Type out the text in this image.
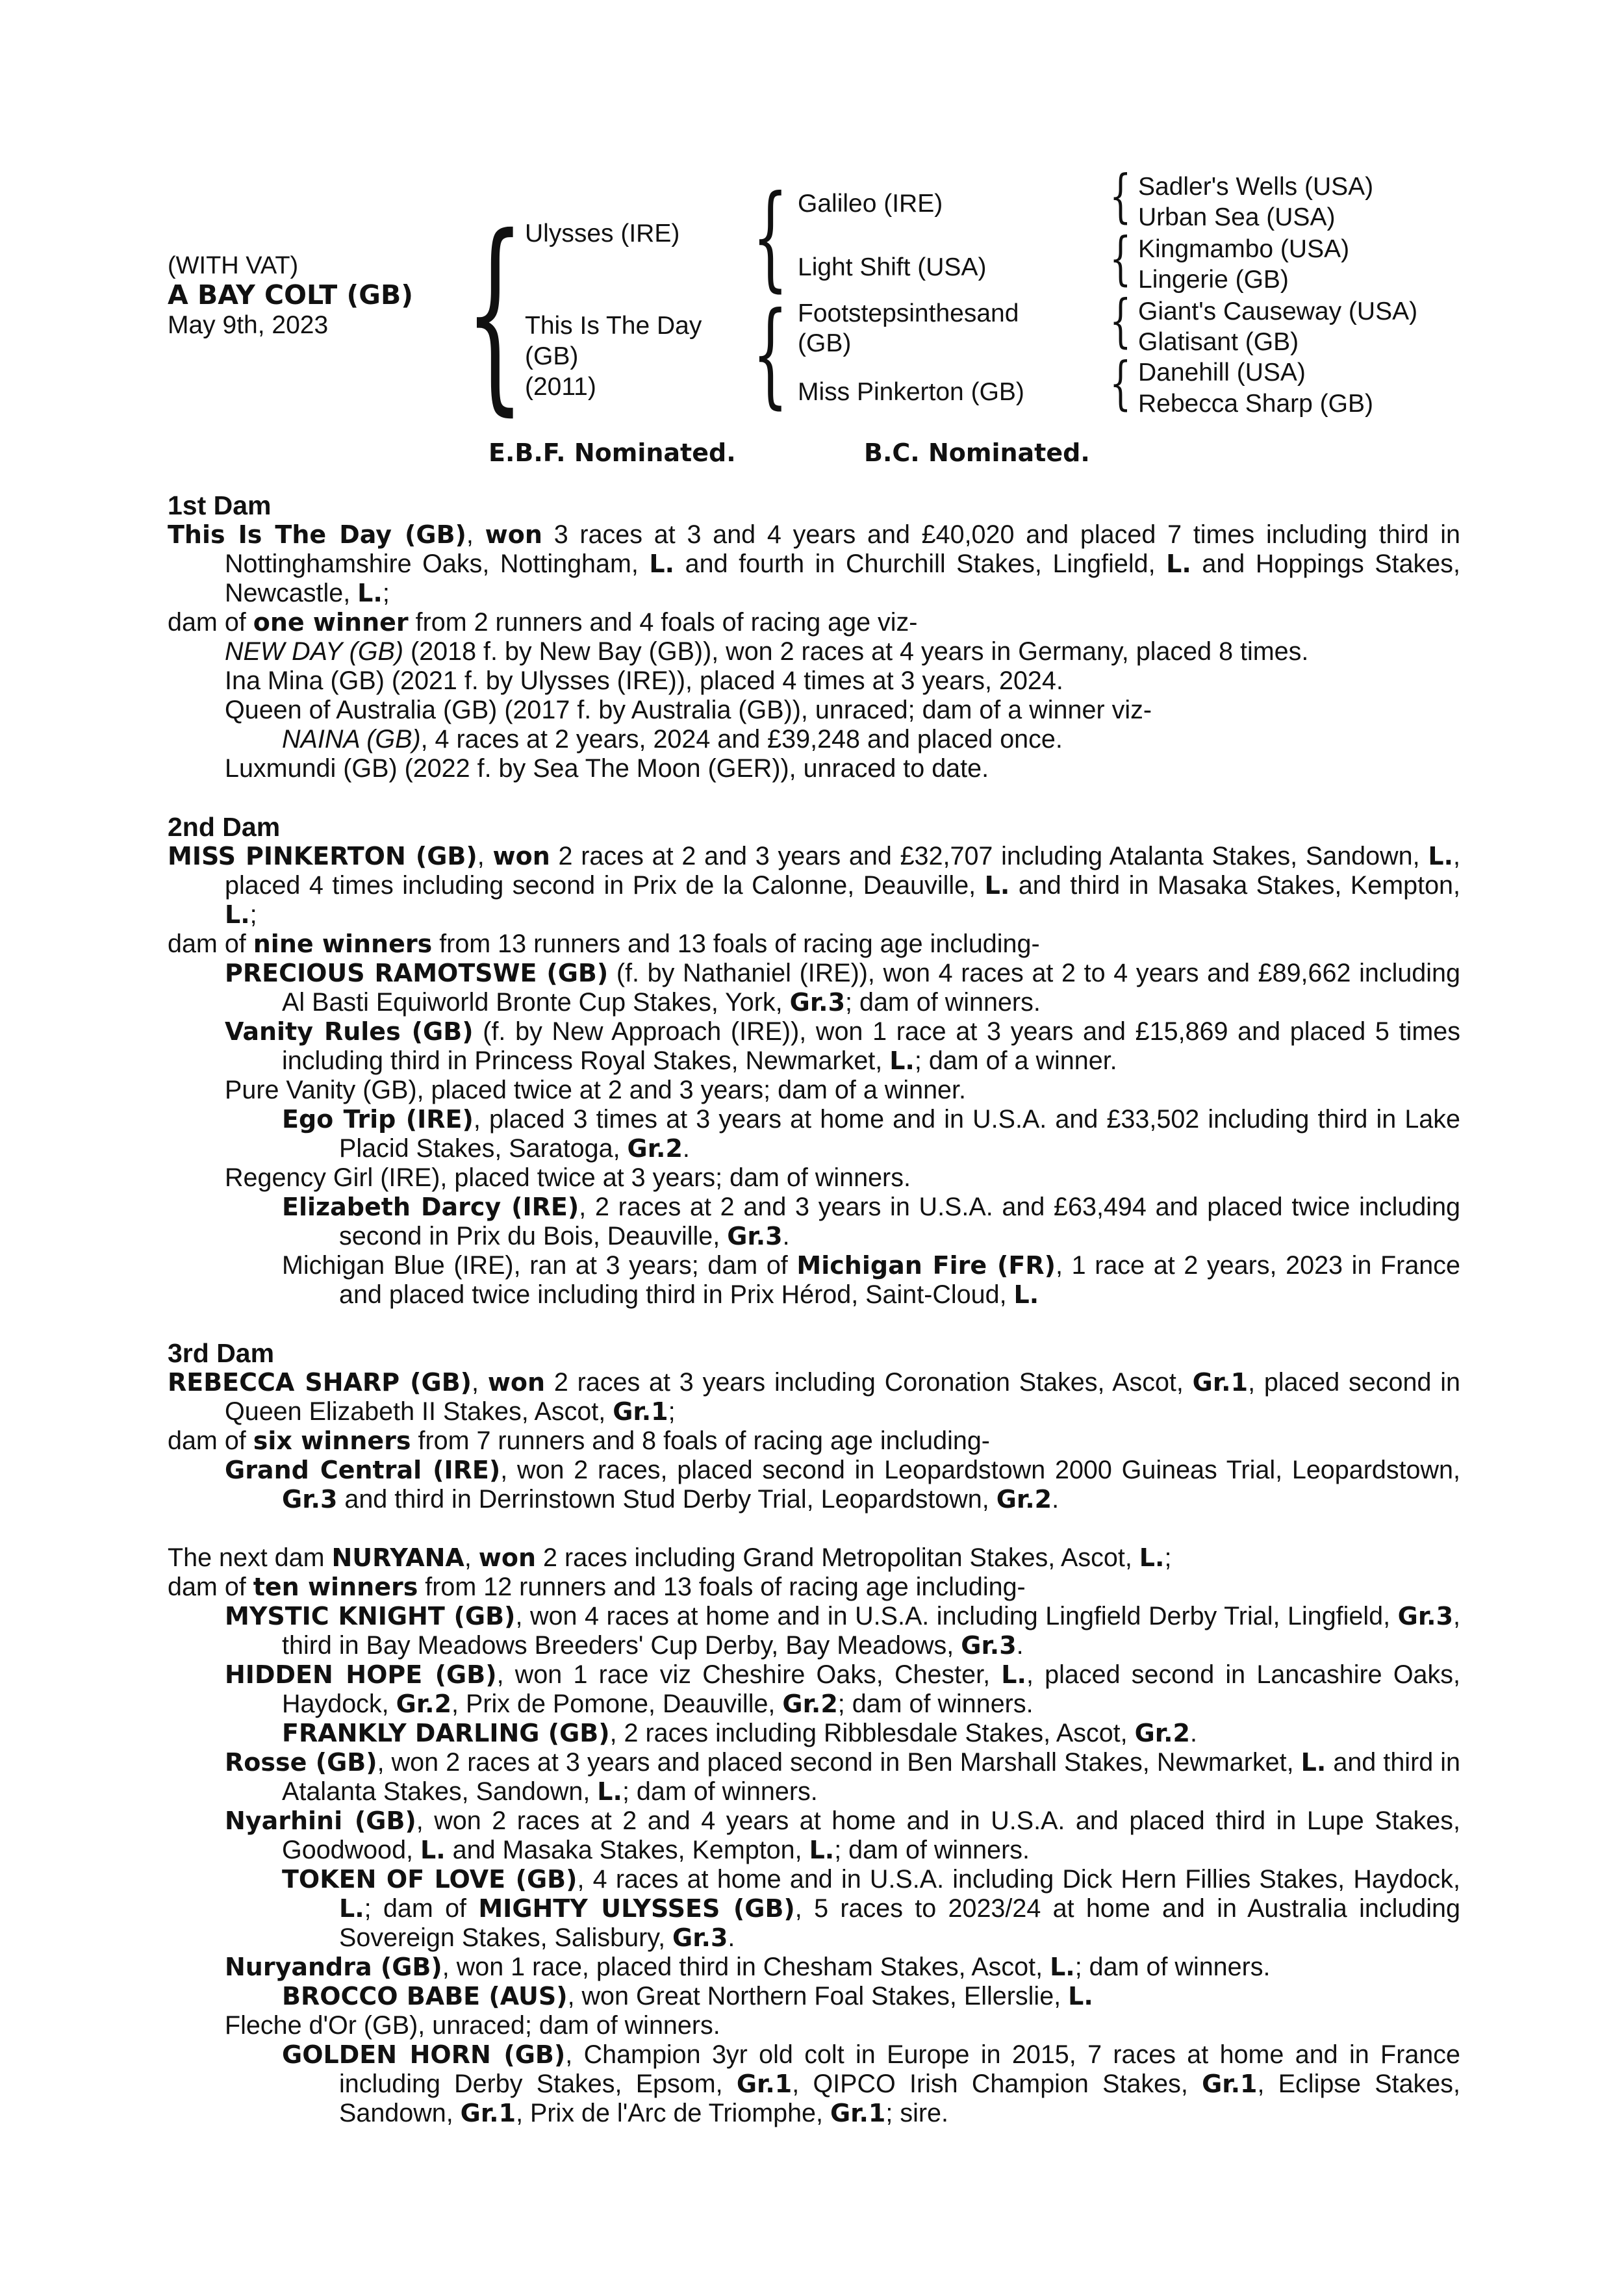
(WITH VAT)
A BAY COLT (GB)
May 9th, 2023 { Ulysses (IRE)
This Is The Day
(GB)
(2011)
{
{
Galileo (IRE)
Light Shift (USA)
Footstepsinthesand
(GB)
Miss Pinkerton (GB)
{
{
{
{
Sadler's Wells (USA)
Urban Sea (USA)
Kingmambo (USA)
Lingerie (GB)
Giant's Causeway (USA)
Glatisant (GB)
Danehill (USA)
Rebecca Sharp (GB)
E.B.F. Nominated.	B.C. Nominated.
1st Dam
This Is The Day (GB), won 3 races at 3 and 4 years and £40,020 and placed 7 times including third in Nottinghamshire Oaks, Nottingham, L. and fourth in Churchill Stakes, Lingfield, L. and Hoppings Stakes, Newcastle, L.;
dam of one winner from 2 runners and 4 foals of racing age viz-
NEW DAY (GB) (2018 f. by New Bay (GB)), won 2 races at 4 years in Germany, placed 8 times.
Ina Mina (GB) (2021 f. by Ulysses (IRE)), placed 4 times at 3 years, 2024.
Queen of Australia (GB) (2017 f. by Australia (GB)), unraced; dam of a winner viz-
NAINA (GB), 4 races at 2 years, 2024 and £39,248 and placed once.
Luxmundi (GB) (2022 f. by Sea The Moon (GER)), unraced to date.
2nd Dam
MISS PINKERTON (GB), won 2 races at 2 and 3 years and £32,707 including Atalanta Stakes, Sandown, L., placed 4 times including second in Prix de la Calonne, Deauville, L. and third in Masaka Stakes, Kempton, L.;
dam of nine winners from 13 runners and 13 foals of racing age including-
PRECIOUS RAMOTSWE (GB) (f. by Nathaniel (IRE)), won 4 races at 2 to 4 years and £89,662 including Al Basti Equiworld Bronte Cup Stakes, York, Gr.3; dam of winners.
Vanity Rules (GB) (f. by New Approach (IRE)), won 1 race at 3 years and £15,869 and placed 5 times including third in Princess Royal Stakes, Newmarket, L.; dam of a winner.
Pure Vanity (GB), placed twice at 2 and 3 years; dam of a winner.
Ego Trip (IRE), placed 3 times at 3 years at home and in U.S.A. and £33,502 including third in Lake Placid Stakes, Saratoga, Gr.2.
Regency Girl (IRE), placed twice at 3 years; dam of winners.
Elizabeth Darcy (IRE), 2 races at 2 and 3 years in U.S.A. and £63,494 and placed twice including second in Prix du Bois, Deauville, Gr.3.
Michigan Blue (IRE), ran at 3 years; dam of Michigan Fire (FR), 1 race at 2 years, 2023 in France and placed twice including third in Prix Hérod, Saint-Cloud, L.
3rd Dam
REBECCA SHARP (GB), won 2 races at 3 years including Coronation Stakes, Ascot, Gr.1, placed second in Queen Elizabeth II Stakes, Ascot, Gr.1;
dam of six winners from 7 runners and 8 foals of racing age including-
Grand Central (IRE), won 2 races, placed second in Leopardstown 2000 Guineas Trial, Leopardstown, Gr.3 and third in Derrinstown Stud Derby Trial, Leopardstown, Gr.2.
The next dam NURYANA, won 2 races including Grand Metropolitan Stakes, Ascot, L.;
dam of ten winners from 12 runners and 13 foals of racing age including-
MYSTIC KNIGHT (GB), won 4 races at home and in U.S.A. including Lingfield Derby Trial, Lingfield, Gr.3, third in Bay Meadows Breeders' Cup Derby, Bay Meadows, Gr.3.
HIDDEN HOPE (GB), won 1 race viz Cheshire Oaks, Chester, L., placed second in Lancashire Oaks, Haydock, Gr.2, Prix de Pomone, Deauville, Gr.2; dam of winners.
FRANKLY DARLING (GB), 2 races including Ribblesdale Stakes, Ascot, Gr.2.
Rosse (GB), won 2 races at 3 years and placed second in Ben Marshall Stakes, Newmarket, L. and third in Atalanta Stakes, Sandown, L.; dam of winners.
Nyarhini (GB), won 2 races at 2 and 4 years at home and in U.S.A. and placed third in Lupe Stakes, Goodwood, L. and Masaka Stakes, Kempton, L.; dam of winners.
TOKEN OF LOVE (GB), 4 races at home and in U.S.A. including Dick Hern Fillies Stakes, Haydock, L.; dam of MIGHTY ULYSSES (GB), 5 races to 2023/24 at home and in Australia including Sovereign Stakes, Salisbury, Gr.3.
Nuryandra (GB), won 1 race, placed third in Chesham Stakes, Ascot, L.; dam of winners.
BROCCO BABE (AUS), won Great Northern Foal Stakes, Ellerslie, L.
Fleche d'Or (GB), unraced; dam of winners.
GOLDEN HORN (GB), Champion 3yr old colt in Europe in 2015, 7 races at home and in France including Derby Stakes, Epsom, Gr.1, QIPCO Irish Champion Stakes, Gr.1, Eclipse Stakes, Sandown, Gr.1, Prix de l'Arc de Triomphe, Gr.1; sire.
